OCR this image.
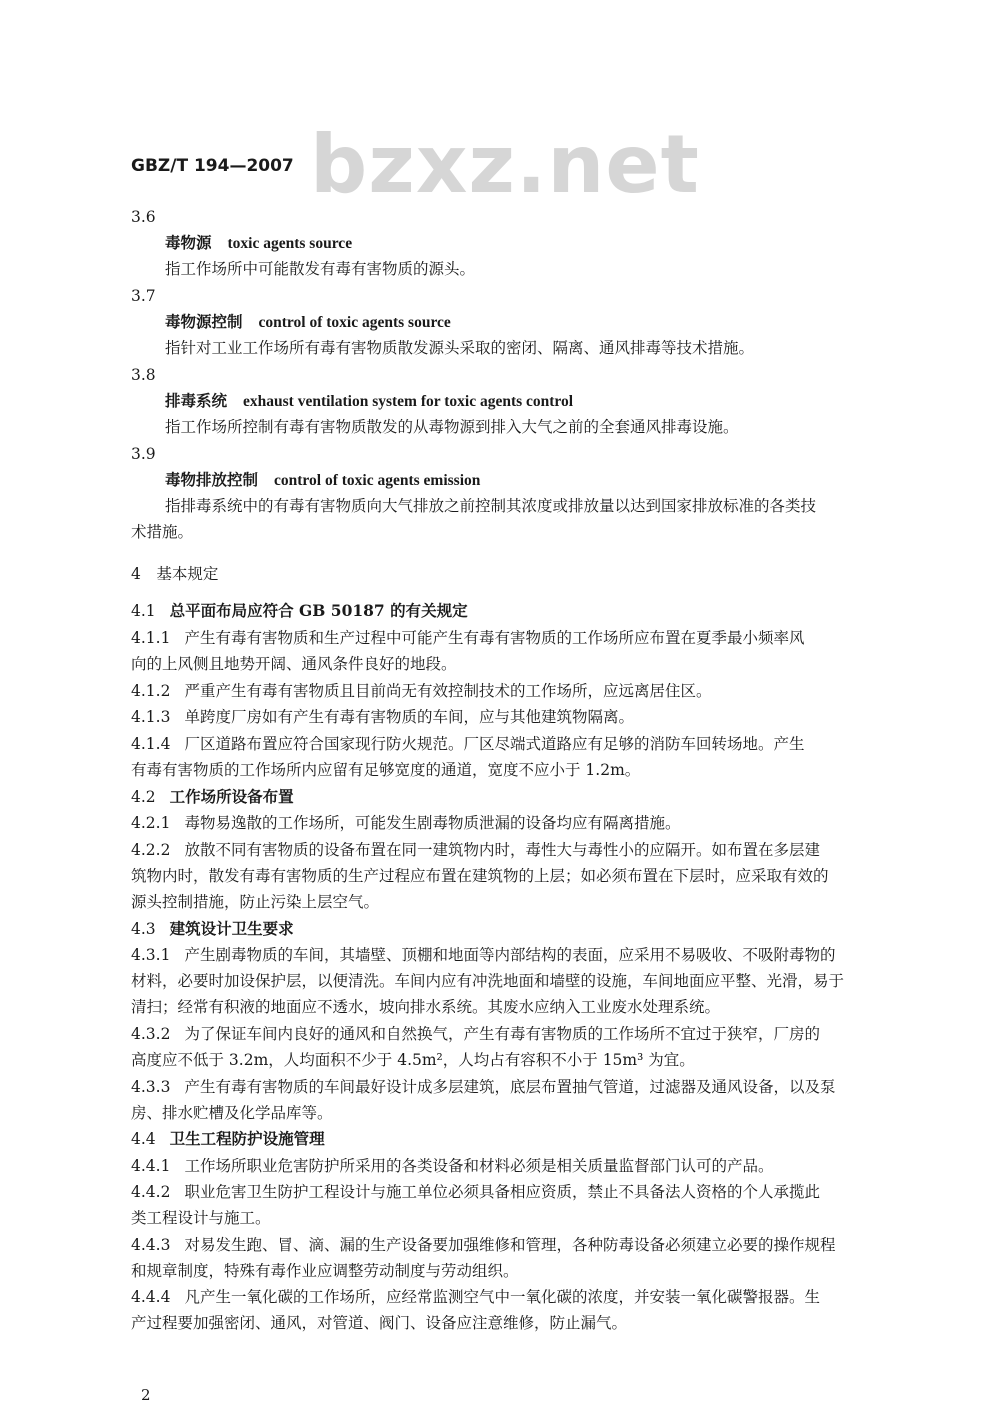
bzxz.net
GBZ/T 194—2007
3.6
毒物源 toxic agents source
指工作场所中可能散发有毒有害物质的源头。
3.7
毒物源控制 control of toxic agents source
指针对工业工作场所有毒有害物质散发源头采取的密闭、隔离、通风排毒等技术措施。
3.8
排毒系统 exhaust ventilation system for toxic agents control
指工作场所控制有毒有害物质散发的从毒物源到排入大气之前的全套通风排毒设施。
3.9
毒物排放控制 control of toxic agents emission
指排毒系统中的有毒有害物质向大气排放之前控制其浓度或排放量以达到国家排放标准的各类技
术措施。
4　基本规定
4.1 总平面布局应符合 GB 50187 的有关规定
4.1.1 产生有毒有害物质和生产过程中可能产生有毒有害物质的工作场所应布置在夏季最小频率风
向的上风侧且地势开阔、通风条件良好的地段。
4.1.2 严重产生有毒有害物质且目前尚无有效控制技术的工作场所，应远离居住区。
4.1.3 单跨度厂房如有产生有毒有害物质的车间，应与其他建筑物隔离。
4.1.4 厂区道路布置应符合国家现行防火规范。厂区尽端式道路应有足够的消防车回转场地。产生
有毒有害物质的工作场所内应留有足够宽度的通道，宽度不应小于 1.2m。
4.2 工作场所设备布置
4.2.1 毒物易逸散的工作场所，可能发生剧毒物质泄漏的设备均应有隔离措施。
4.2.2 放散不同有害物质的设备布置在同一建筑物内时，毒性大与毒性小的应隔开。如布置在多层建
筑物内时，散发有毒有害物质的生产过程应布置在建筑物的上层；如必须布置在下层时，应采取有效的
源头控制措施，防止污染上层空气。
4.3 建筑设计卫生要求
4.3.1 产生剧毒物质的车间，其墙壁、顶棚和地面等内部结构的表面，应采用不易吸收、不吸附毒物的
材料，必要时加设保护层，以便清洗。车间内应有冲洗地面和墙壁的设施，车间地面应平整、光滑，易于
清扫；经常有积液的地面应不透水，坡向排水系统。其废水应纳入工业废水处理系统。
4.3.2 为了保证车间内良好的通风和自然换气，产生有毒有害物质的工作场所不宜过于狭窄，厂房的
高度应不低于 3.2m，人均面积不少于 4.5m²，人均占有容积不小于 15m³ 为宜。
4.3.3 产生有毒有害物质的车间最好设计成多层建筑，底层布置抽气管道，过滤器及通风设备，以及泵
房、排水贮槽及化学品库等。
4.4 卫生工程防护设施管理
4.4.1 工作场所职业危害防护所采用的各类设备和材料必须是相关质量监督部门认可的产品。
4.4.2 职业危害卫生防护工程设计与施工单位必须具备相应资质，禁止不具备法人资格的个人承揽此
类工程设计与施工。
4.4.3 对易发生跑、冒、滴、漏的生产设备要加强维修和管理，各种防毒设备必须建立必要的操作规程
和规章制度，特殊有毒作业应调整劳动制度与劳动组织。
4.4.4 凡产生一氧化碳的工作场所，应经常监测空气中一氧化碳的浓度，并安装一氧化碳警报器。生
产过程要加强密闭、通风，对管道、阀门、设备应注意维修，防止漏气。
2
